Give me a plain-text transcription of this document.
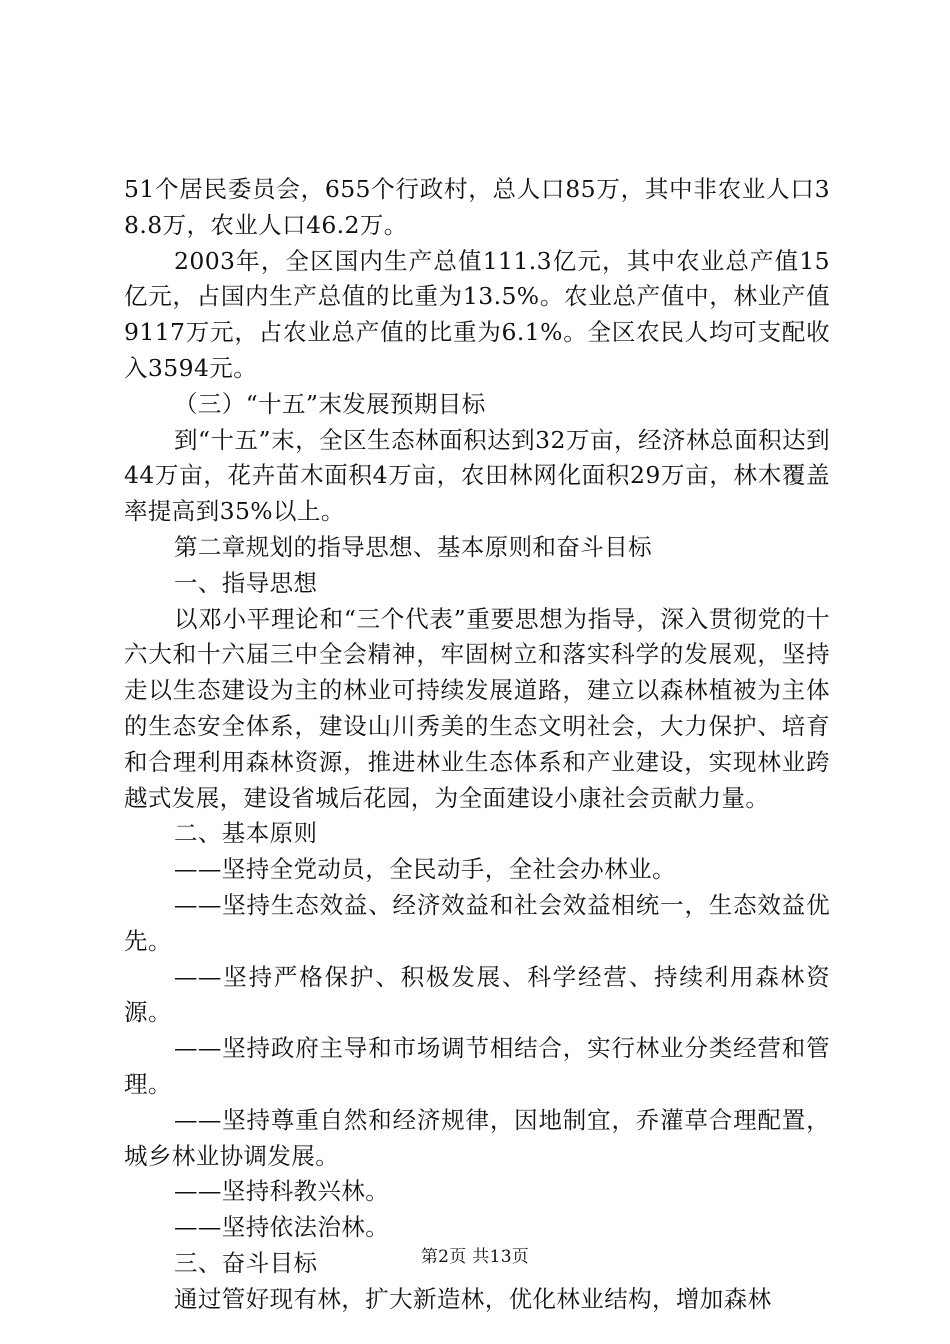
51个居民委员会，655个行政村，总人口85万，其中非农业人口38.8万，农业人口46.2万。

2003年，全区国内生产总值111.3亿元，其中农业总产值15亿元，占国内生产总值的比重为13.5%。农业总产值中，林业产值9117万元，占农业总产值的比重为6.1%。全区农民人均可支配收入3594元。

（三）“十五”末发展预期目标

到“十五”末，全区生态林面积达到32万亩，经济林总面积达到44万亩，花卉苗木面积4万亩，农田林网化面积29万亩，林木覆盖率提高到35%以上。

第二章规划的指导思想、基本原则和奋斗目标

一、指导思想

以邓小平理论和“三个代表”重要思想为指导，深入贯彻党的十六大和十六届三中全会精神，牢固树立和落实科学的发展观，坚持走以生态建设为主的林业可持续发展道路，建立以森林植被为主体的生态安全体系，建设山川秀美的生态文明社会，大力保护、培育和合理利用森林资源，推进林业生态体系和产业建设，实现林业跨越式发展，建设省城后花园，为全面建设小康社会贡献力量。

二、基本原则

——坚持全党动员，全民动手，全社会办林业。

——坚持生态效益、经济效益和社会效益相统一，生态效益优先。

——坚持严格保护、积极发展、科学经营、持续利用森林资源。

——坚持政府主导和市场调节相结合，实行林业分类经营和管理。

——坚持尊重自然和经济规律，因地制宜，乔灌草合理配置，城乡林业协调发展。

——坚持科教兴林。

——坚持依法治林。

三、奋斗目标

通过管好现有林，扩大新造林，优化林业结构，增加森林

第2页 共13页
